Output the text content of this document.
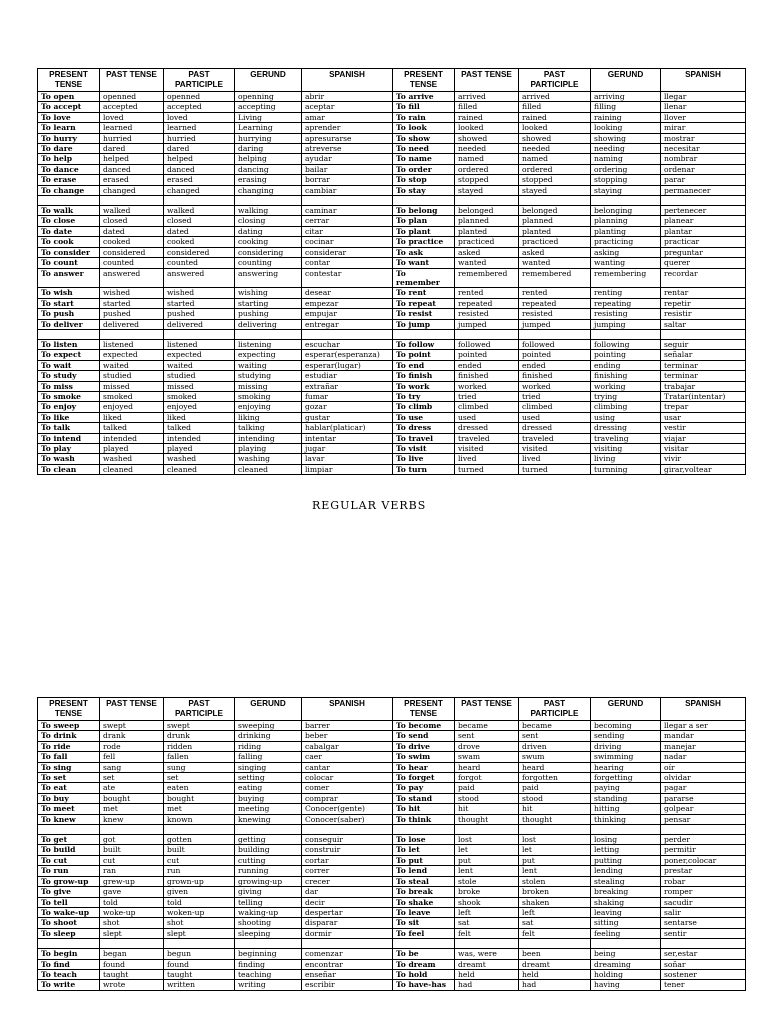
PRESENT TENSE	PAST TENSE	PAST PARTICIPLE	GERUND	SPANISH	PRESENT TENSE	PAST TENSE	PAST PARTICIPLE	GERUND	SPANISH
To open	openned	openned	openning	abrir	To arrive	arrived	arrived	arriving	llegar
To accept	accepted	accepted	accepting	aceptar	To fill	filled	filled	filling	llenar
To love	loved	loved	Living	amar	To rain	rained	rained	raining	llover
To learn	learned	learned	Learning	aprender	To look	looked	looked	looking	mirar
To hurry	hurried	hurried	hurrying	apresurarse	To show	showed	showed	showing	mostrar
To dare	dared	dared	daring	atreverse	To need	needed	needed	needing	necesitar
To help	helped	helped	helping	ayudar	To name	named	named	naming	nombrar
To dance	danced	danced	dancing	bailar	To order	ordered	ordered	ordering	ordenar
To erase	erased	erased	erasing	borrar	To stop	stopped	stopped	stopping	parar
To change	changed	changed	changing	cambiar	To stay	stayed	stayed	staying	permanecer

To walk	walked	walked	walking	caminar	To belong	belonged	belonged	belonging	pertenecer
To close	closed	closed	closing	cerrar	To plan	planned	planned	planning	planear
To date	dated	dated	dating	citar	To plant	planted	planted	planting	plantar
To cook	cooked	cooked	cooking	cocinar	To practice	practiced	practiced	practicing	practicar
To consider	considered	considered	considering	considerar	To ask	asked	asked	asking	preguntar
To count	counted	counted	counting	contar	To want	wanted	wanted	wanting	querer
To answer	answered	answered	answering	contestar	To remember	remembered	remembered	remembering	recordar
To wish	wished	wished	wishing	desear	To rent	rented	rented	renting	rentar
To start	started	started	starting	empezar	To repeat	repeated	repeated	repeating	repetir
To push	pushed	pushed	pushing	empujar	To resist	resisted	resisted	resisting	resistir
To deliver	delivered	delivered	delivering	entregar	To jump	jumped	jumped	jumping	saltar

To listen	listened	listened	listening	escuchar	To follow	followed	followed	following	seguir
To expect	expected	expected	expecting	esperar(esperanza)	To point	pointed	pointed	pointing	señalar
To wait	waited	waited	waiting	esperar(lugar)	To end	ended	ended	ending	terminar
To study	studied	studied	studying	estudiar	To finish	finished	finished	finishing	terminar
To miss	missed	missed	missing	extrañar	To work	worked	worked	working	trabajar
To smoke	smoked	smoked	smoking	fumar	To try	tried	tried	trying	Tratar(intentar)
To enjoy	enjoyed	enjoyed	enjoying	gozar	To climb	climbed	climbed	climbing	trepar
To like	liked	liked	liking	gustar	To use	used	used	using	usar
To talk	talked	talked	talking	hablar(platicar)	To dress	dressed	dressed	dressing	vestir
To intend	intended	intended	intending	intentar	To travel	traveled	traveled	traveling	viajar
To play	played	played	playing	jugar	To visit	visited	visited	visiting	visitar
To wash	washed	washed	washing	lavar	To live	lived	lived	living	vivir
To clean	cleaned	cleaned	cleaned	limpiar	To turn	turned	turned	turnning	girar,voltear
REGULAR VERBS
PRESENT TENSE	PAST TENSE	PAST PARTICIPLE	GERUND	SPANISH	PRESENT TENSE	PAST TENSE	PAST PARTICIPLE	GERUND	SPANISH
To sweep	swept	swept	sweeping	barrer	To become	became	became	becoming	llegar a ser
To drink	drank	drunk	drinking	beber	To send	sent	sent	sending	mandar
To ride	rode	ridden	riding	cabalgar	To drive	drove	driven	driving	manejar
To fall	fell	fallen	falling	caer	To swim	swam	swum	swimming	nadar
To sing	sang	sung	singing	cantar	To hear	heard	heard	hearing	oír
To set	set	set	setting	colocar	To forget	forgot	forgotten	forgetting	olvidar
To eat	ate	eaten	eating	comer	To pay	paid	paid	paying	pagar
To buy	bought	bought	buying	comprar	To stand	stood	stood	standing	pararse
To meet	met	met	meeting	Conocer(gente)	To hit	hit	hit	hitting	golpear
To knew	knew	known	knewing	Conocer(saber)	To think	thought	thought	thinking	pensar

To get	got	gotten	getting	conseguir	To lose	lost	lost	losing	perder
To build	built	built	building	construir	To let	let	let	letting	permitir
To cut	cut	cut	cutting	cortar	To put	put	put	putting	poner,colocar
To run	ran	run	running	correr	To lend	lent	lent	lending	prestar
To grow-up	grew-up	grown-up	growing-up	crecer	To steal	stole	stolen	stealing	robar
To give	gave	given	giving	dar	To break	broke	broken	breaking	romper
To tell	told	told	telling	decir	To shake	shook	shaken	shaking	sacudir
To wake-up	woke-up	woken-up	waking-up	despertar	To leave	left	left	leaving	salir
To shoot	shot	shot	shooting	disparar	To sit	sat	sat	sitting	sentarse
To sleep	slept	slept	sleeping	dormir	To feel	felt	felt	feeling	sentir

To begin	began	begun	beginning	comenzar	To be	was, were	been	being	ser,estar
To find	found	found	finding	encontrar	To dream	dreamt	dreamt	dreaming	soñar
To teach	taught	taught	teaching	enseñar	To hold	held	held	holding	sostener
To write	wrote	written	writing	escribir	To have-has	had	had	having	tener
